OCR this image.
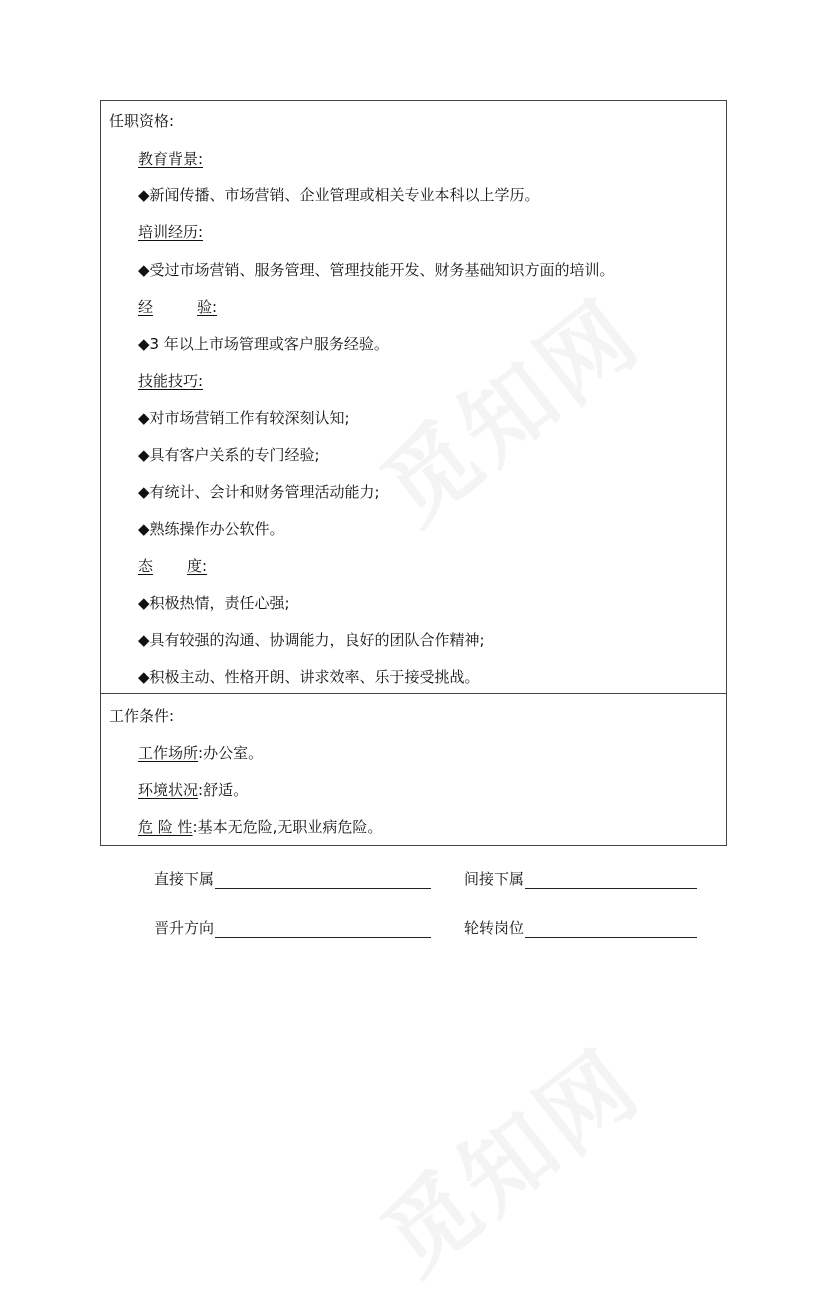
任职资格:
教育背景:
◆新闻传播、市场营销、企业管理或相关专业本科以上学历。
培训经历:
◆受过市场营销、服务管理、管理技能开发、财务基础知识方面的培训。
经	验:
◆3 年以上市场管理或客户服务经验。
技能技巧:
◆对市场营销工作有较深刻认知;
◆具有客户关系的专门经验;
◆有统计、会计和财务管理活动能力;
◆熟练操作办公软件。
态 度:
◆积极热情，责任心强;
◆具有较强的沟通、协调能力，良好的团队合作精神;
◆积极主动、性格开朗、讲求效率、乐于接受挑战。
工作条件:
工作场所:办公室。
环境状况:舒适。
危 险 性:基本无危险,无职业病危险。
直接下属	间接下属
晋升方向	轮转岗位
